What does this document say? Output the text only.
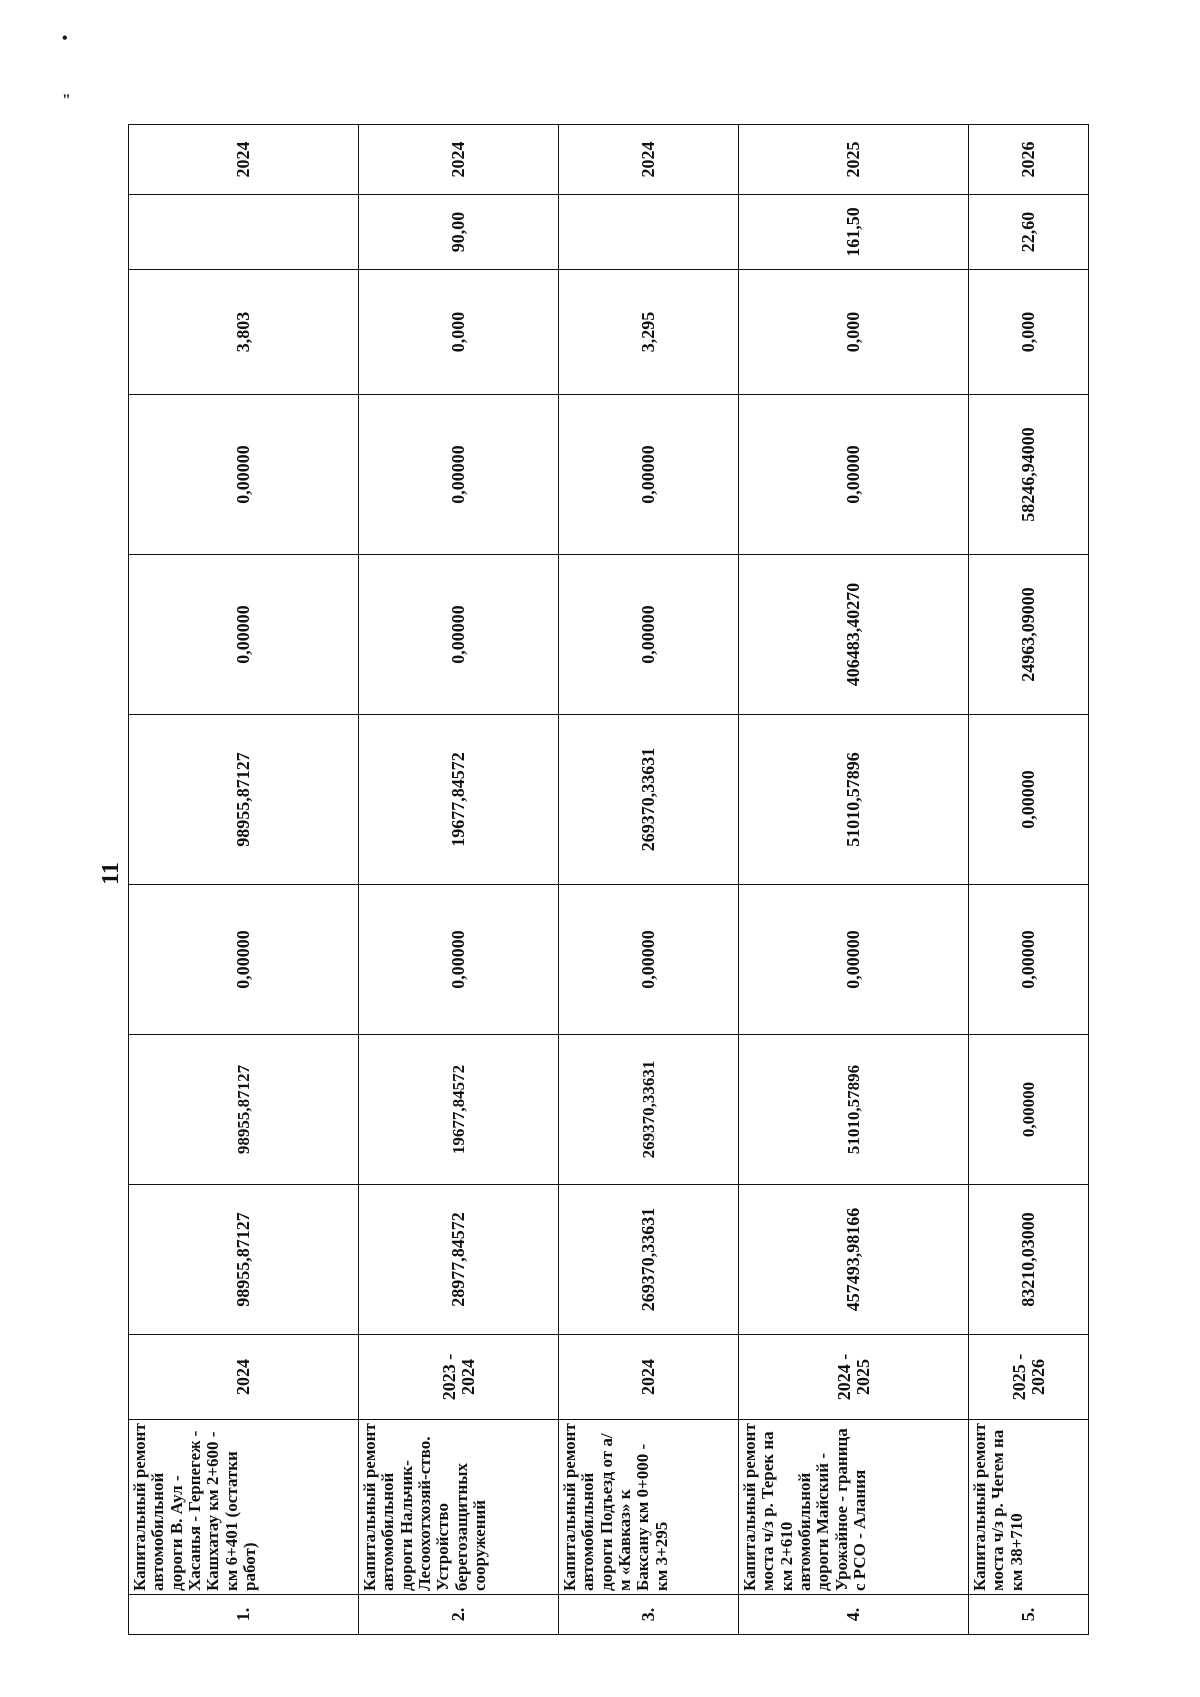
11
•
"
1.	Капитальный ремонт автомобильной дороги В. Аул - Хасанья - Герпегеж - Кашхатау км 2+600 - км 6+401 (остатки работ)	2024	98955,87127	98955,87127	0,00000	98955,87127	0,00000	0,00000	3,803		2024
2.	Капитальный ремонт автомобильной дороги Нальчик-Лесоохотхозяй-ство. Устройство берегозащитных сооружений	2023 - 2024	28977,84572	19677,84572	0,00000	19677,84572	0,00000	0,00000	0,000	90,00	2024
3.	Капитальный ремонт автомобильной дороги Подъезд от а/м «Кавказ» к Баксану км 0+000 - км 3+295	2024	269370,33631	269370,33631	0,00000	269370,33631	0,00000	0,00000	3,295		2024
4.	Капитальный ремонт моста ч/з р. Терек на км 2+610 автомобильной дороги Майский - Урожайное - граница с РСО - Алания	2024 - 2025	457493,98166	51010,57896	0,00000	51010,57896	406483,40270	0,00000	0,000	161,50	2025
5.	Капитальный ремонт моста ч/з р. Чегем на км 38+710	2025 - 2026	83210,03000	0,00000	0,00000	0,00000	24963,09000	58246,94000	0,000	22,60	2026
